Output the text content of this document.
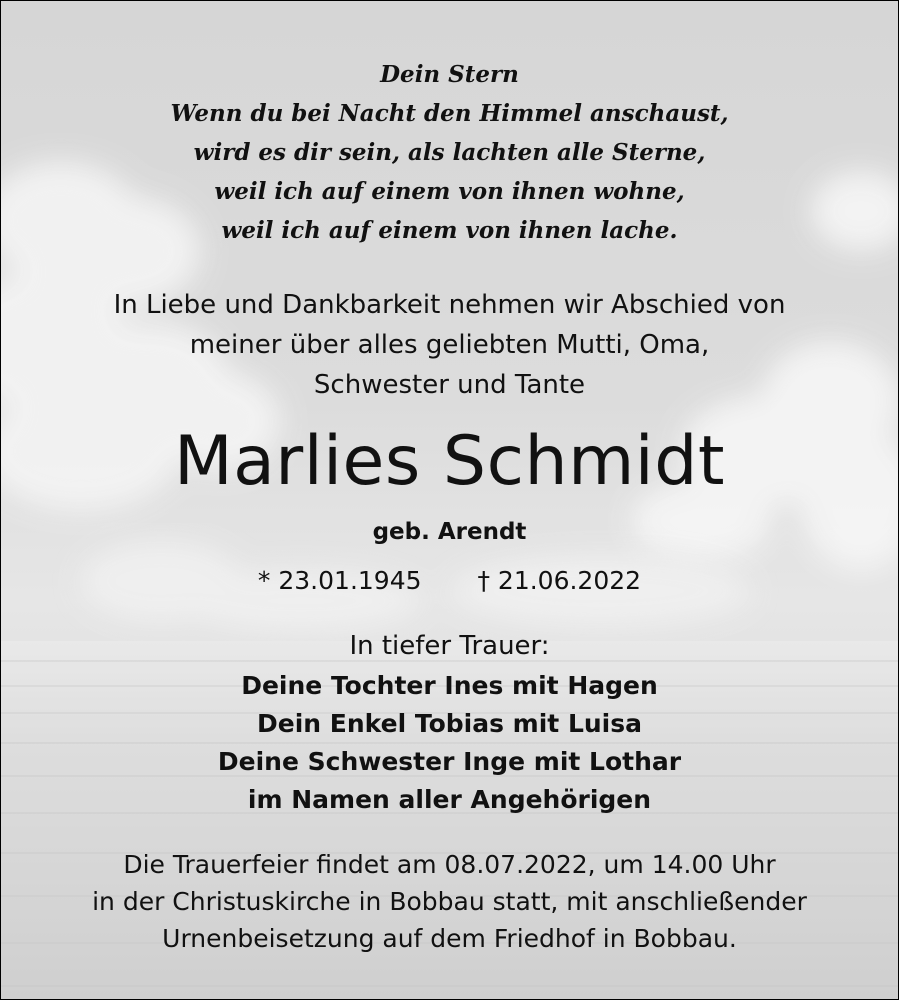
Dein Stern
Wenn du bei Nacht den Himmel anschaust,
wird es dir sein, als lachten alle Sterne,
weil ich auf einem von ihnen wohne,
weil ich auf einem von ihnen lache.
In Liebe und Dankbarkeit nehmen wir Abschied von
meiner über alles geliebten Mutti, Oma,
Schwester und Tante
Marlies Schmidt
geb. Arendt
* 23.01.1945 † 21.06.2022
In tiefer Trauer:
Deine Tochter Ines mit Hagen
Dein Enkel Tobias mit Luisa
Deine Schwester Inge mit Lothar
im Namen aller Angehörigen
Die Trauerfeier findet am 08.07.2022, um 14.00 Uhr
in der Christuskirche in Bobbau statt, mit anschließender
Urnenbeisetzung auf dem Friedhof in Bobbau.
